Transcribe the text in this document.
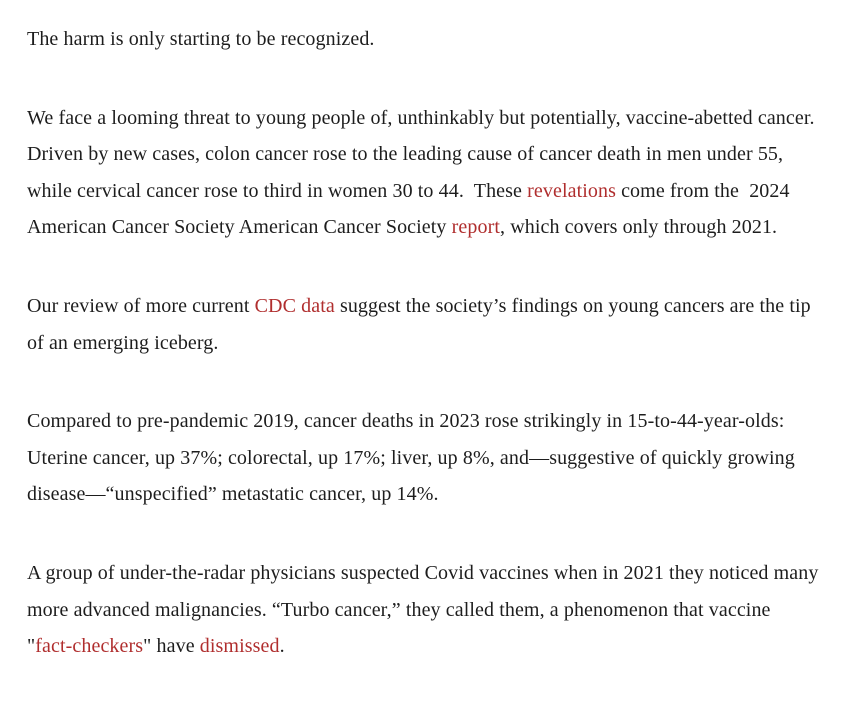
The harm is only starting to be recognized.

We face a looming threat to young people of, unthinkably but potentially, vaccine-abetted cancer. Driven by new cases, colon cancer rose to the leading cause of cancer death in men under 55, while cervical cancer rose to third in women 30 to 44.  These revelations come from the  2024 American Cancer Society American Cancer Society report, which covers only through 2021.

Our review of more current CDC data suggest the society’s findings on young cancers are the tip of an emerging iceberg.

Compared to pre-pandemic 2019, cancer deaths in 2023 rose strikingly in 15-to-44-year-olds: Uterine cancer, up 37%; colorectal, up 17%; liver, up 8%, and—suggestive of quickly growing disease—“unspecified” metastatic cancer, up 14%.

A group of under-the-radar physicians suspected Covid vaccines when in 2021 they noticed many more advanced malignancies. “Turbo cancer,” they called them, a phenomenon that vaccine "fact-checkers" have dismissed.
